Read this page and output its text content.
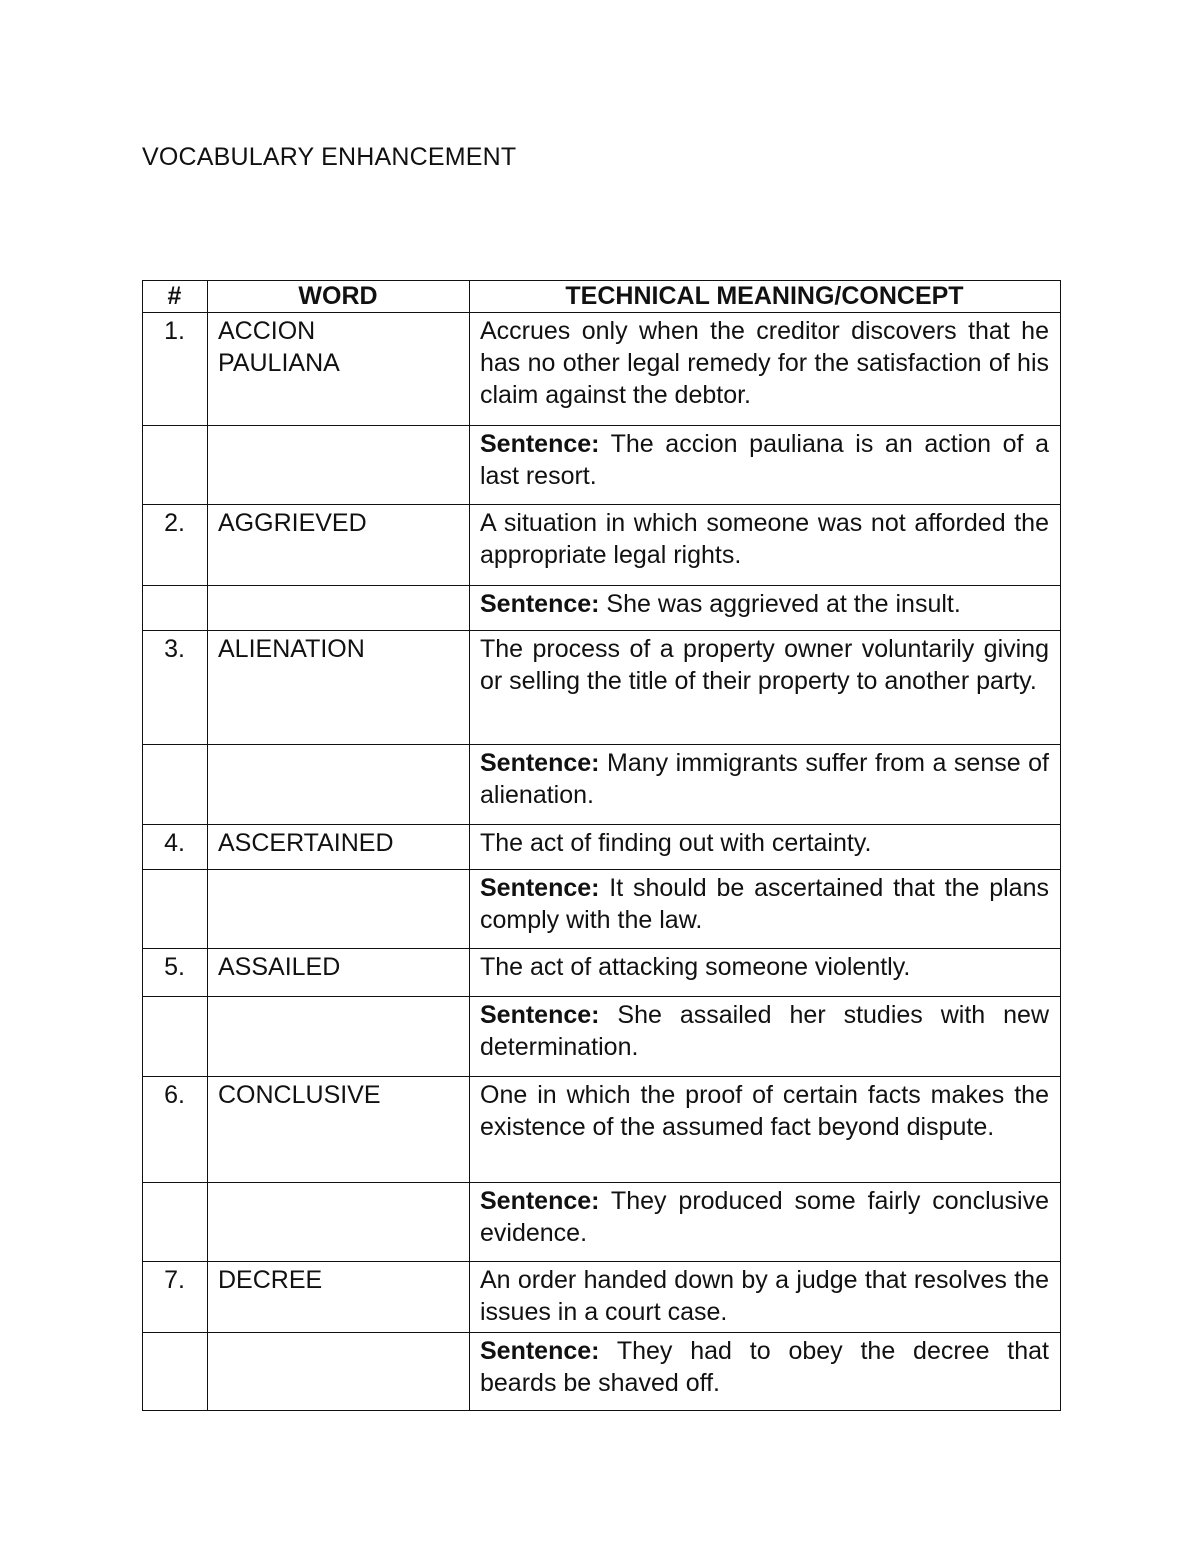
VOCABULARY ENHANCEMENT
#	WORD	TECHNICAL MEANING/CONCEPT
1.	ACCION PAULIANA	Accrues only when the creditor discovers that he has no other legal remedy for the satisfaction of his claim against the debtor.
		Sentence: The accion pauliana is an action of a last resort.
2.	AGGRIEVED	A situation in which someone was not afforded the appropriate legal rights.
		Sentence: She was aggrieved at the insult.
3.	ALIENATION	The process of a property owner voluntarily giving or selling the title of their property to another party.
		Sentence: Many immigrants suffer from a sense of alienation.
4.	ASCERTAINED	The act of finding out with certainty.
		Sentence: It should be ascertained that the plans comply with the law.
5.	ASSAILED	The act of attacking someone violently.
		Sentence: She assailed her studies with new determination.
6.	CONCLUSIVE	One in which the proof of certain facts makes the existence of the assumed fact beyond dispute.
		Sentence: They produced some fairly conclusive evidence.
7.	DECREE	An order handed down by a judge that resolves the issues in a court case.
		Sentence: They had to obey the decree that beards be shaved off.
